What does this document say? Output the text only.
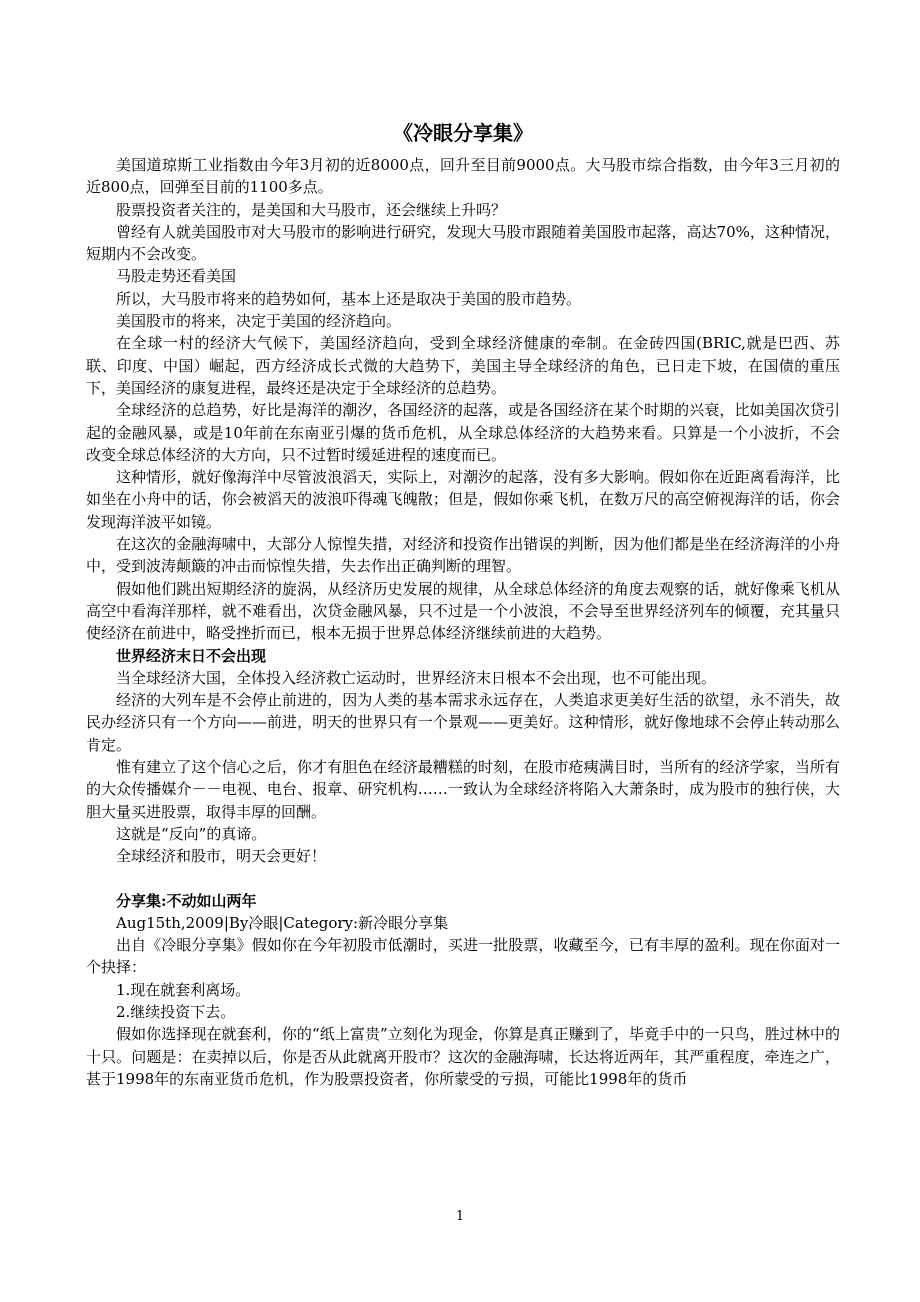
《冷眼分享集》

美国道琼斯工业指数由今年3月初的近8000点，回升至目前9000点。大马股市综合指数，由今年3三月初的近800点，回弹至目前的1100多点。

股票投资者关注的，是美国和大马股市，还会继续上升吗？

曾经有人就美国股市对大马股市的影响进行研究，发现大马股市跟随着美国股市起落，高达70%，这种情况，短期内不会改变。

马股走势还看美国

所以，大马股市将来的趋势如何，基本上还是取决于美国的股市趋势。

美国股市的将来，决定于美国的经济趋向。

在全球一村的经济大气候下，美国经济趋向，受到全球经济健康的牵制。在金砖四国(BRIC,就是巴西、苏联、印度、中国）崛起，西方经济成长式微的大趋势下，美国主导全球经济的角色，已日走下坡，在国债的重压下，美国经济的康复进程，最终还是决定于全球经济的总趋势。

全球经济的总趋势，好比是海洋的潮汐，各国经济的起落，或是各国经济在某个时期的兴衰，比如美国次贷引起的金融风暴，或是10年前在东南亚引爆的货币危机，从全球总体经济的大趋势来看。只算是一个小波折，不会改变全球总体经济的大方向，只不过暂时缓延进程的速度而已。

这种情形，就好像海洋中尽管波浪滔天，实际上，对潮汐的起落，没有多大影响。假如你在近距离看海洋，比如坐在小舟中的话，你会被滔天的波浪吓得魂飞魄散；但是，假如你乘飞机，在数万尺的高空俯视海洋的话，你会发现海洋波平如镜。

在这次的金融海啸中，大部分人惊惶失措，对经济和投资作出错误的判断，因为他们都是坐在经济海洋的小舟中，受到波涛颠簸的冲击而惊惶失措，失去作出正确判断的理智。

假如他们跳出短期经济的旋涡，从经济历史发展的规律，从全球总体经济的角度去观察的话，就好像乘飞机从高空中看海洋那样，就不难看出，次贷金融风暴，只不过是一个小波浪，不会导至世界经济列车的倾覆，充其量只使经济在前进中，略受挫折而已，根本无损于世界总体经济继续前进的大趋势。

世界经济末日不会出现

当全球经济大国，全体投入经济救亡运动时，世界经济末日根本不会出现，也不可能出现。

经济的大列车是不会停止前进的，因为人类的基本需求永远存在，人类追求更美好生活的欲望，永不消失，故民办经济只有一个方向——前进，明天的世界只有一个景观——更美好。这种情形，就好像地球不会停止转动那么肯定。

惟有建立了这个信心之后，你才有胆色在经济最糟糕的时刻，在股市疮痍满目时，当所有的经济学家，当所有的大众传播媒介－－电视、电台、报章、研究机构……一致认为全球经济将陷入大萧条时，成为股市的独行侠，大胆大量买进股票，取得丰厚的回酬。

这就是“反向”的真谛。

全球经济和股市，明天会更好！

分享集:不动如山两年

Aug15th,2009|By冷眼|Category:新冷眼分享集

出自《冷眼分享集》假如你在今年初股市低潮时，买进一批股票，收藏至今，已有丰厚的盈利。现在你面对一个抉择：

1.现在就套利离场。

2.继续投资下去。

假如你选择现在就套利，你的“纸上富贵”立刻化为现金，你算是真正赚到了，毕竟手中的一只鸟，胜过林中的十只。问题是：在卖掉以后，你是否从此就离开股市？这次的金融海啸，长达将近两年，其严重程度，牵连之广，甚于1998年的东南亚货币危机，作为股票投资者，你所蒙受的亏损，可能比1998年的货币

1
